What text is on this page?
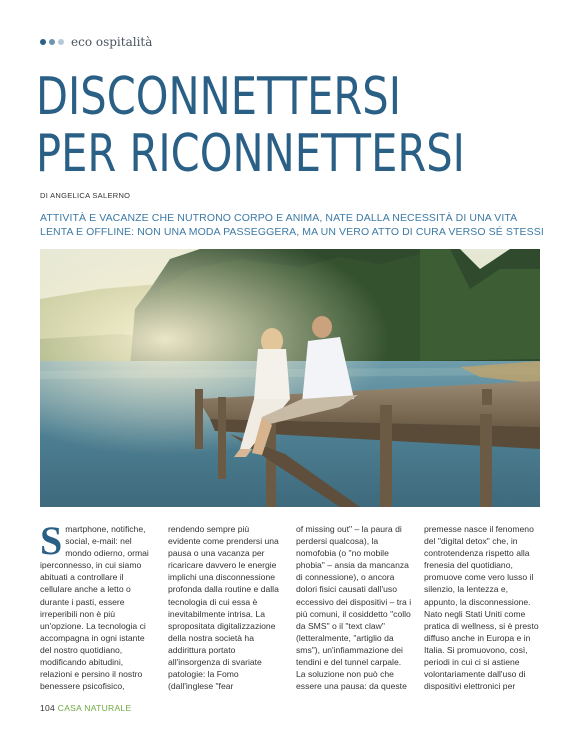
eco ospitalità
DISCONNETTERSI
PER RICONNETTERSI
DI ANGELICA SALERNO
ATTIVITÀ E VACANZE CHE NUTRONO CORPO E ANIMA, NATE DALLA NECESSITÀ DI UNA VITA LENTA E OFFLINE: NON UNA MODA PASSEGGERA, MA UN VERO ATTO DI CURA VERSO SÉ STESSI

Smartphone, notifiche, social, e-mail: nel mondo odierno, ormai iperconnesso, in cui siamo abituati a controllare il cellulare anche a letto o durante i pasti, essere irreperibili non è più un'opzione. La tecnologia ci accompagna in ogni istante del nostro quotidiano, modificando abitudini, relazioni e persino il nostro benessere psicofisico,

rendendo sempre più evidente come prendersi una pausa o una vacanza per ricaricare davvero le energie implichi una disconnessione profonda dalla routine e dalla tecnologia di cui essa è inevitabilmente intrisa. La spropositata digitalizzazione della nostra società ha addirittura portato all'insorgenza di svariate patologie: la Fomo (dall'inglese "fear

of missing out" – la paura di perdersi qualcosa), la nomofobia (o "no mobile phobia" – ansia da mancanza di connessione), o ancora dolori fisici causati dall'uso eccessivo dei dispositivi – tra i più comuni, il cosiddetto "collo da SMS" o il "text claw" (letteralmente, "artiglio da sms"), un'infiammazione dei tendini e del tunnel carpale. La soluzione non può che essere una pausa: da queste

premesse nasce il fenomeno del "digital detox" che, in controtendenza rispetto alla frenesia del quotidiano, promuove come vero lusso il silenzio, la lentezza e, appunto, la disconnessione. Nato negli Stati Uniti come pratica di wellness, si è presto diffuso anche in Europa e in Italia. Si promuovono, così, periodi in cui ci si astiene volontariamente dall'uso di dispositivi elettronici per

104 CASA NATURALE
